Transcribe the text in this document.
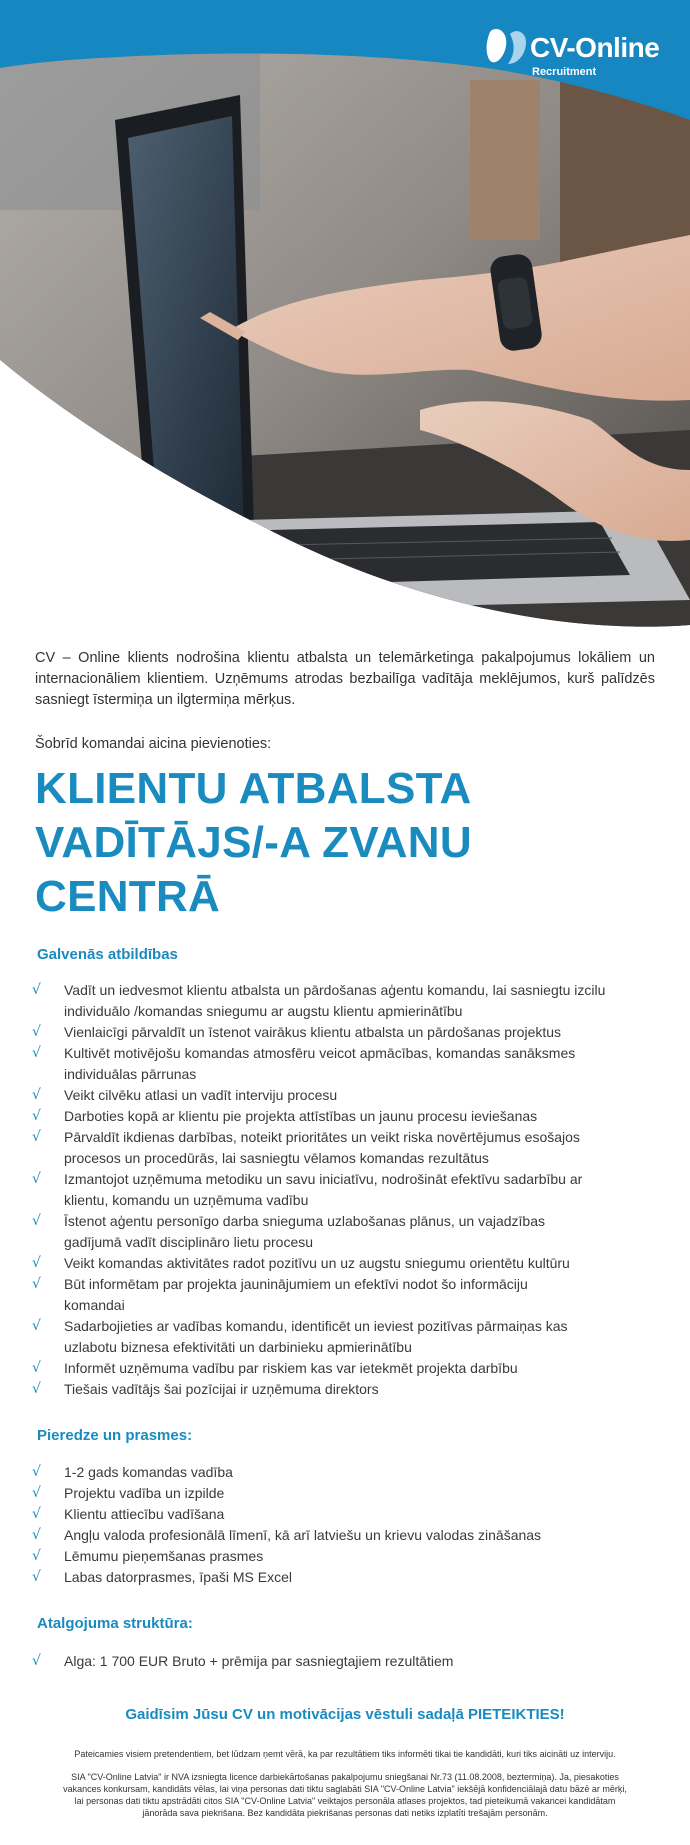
CV-Online
Recruitment

CV – Online klients nodrošina klientu atbalsta un telemārketinga pakalpojumus lokāliem un internacionāliem klientiem. Uzņēmums atrodas bezbailīga vadītāja meklējumos, kurš palīdzēs sasniegt īstermiņa un ilgtermiņa mērķus.

Šobrīd komandai aicina pievienoties:

KLIENTU ATBALSTA
VADĪTĀJS/-A ZVANU
CENTRĀ
Galvenās atbildības
√ Vadīt un iedvesmot klientu atbalsta un pārdošanas aģentu komandu, lai sasniegtu izcilu
individuālo /komandas sniegumu ar augstu klientu apmierinātību
√ Vienlaicīgi pārvaldīt un īstenot vairākus klientu atbalsta un pārdošanas projektus
√ Kultivēt motivējošu komandas atmosfēru veicot apmācības, komandas sanāksmes
individuālas pārrunas
√ Veikt cilvēku atlasi un vadīt interviju procesu
√ Darboties kopā ar klientu pie projekta attīstības un jaunu procesu ieviešanas
√ Pārvaldīt ikdienas darbības, noteikt prioritātes un veikt riska novērtējumus esošajos
procesos un procedūrās, lai sasniegtu vēlamos komandas rezultātus
√ Izmantojot uzņēmuma metodiku un savu iniciatīvu, nodrošināt efektīvu sadarbību ar
klientu, komandu un uzņēmuma vadību
√ Īstenot aģentu personīgo darba snieguma uzlabošanas plānus, un vajadzības
gadījumā vadīt disciplināro lietu procesu
√ Veikt komandas aktivitātes radot pozitīvu un uz augstu sniegumu orientētu kultūru
√ Būt informētam par projekta jauninājumiem un efektīvi nodot šo informāciju
komandai
√ Sadarbojieties ar vadības komandu, identificēt un ieviest pozitīvas pārmaiņas kas
uzlabotu biznesa efektivitāti un darbinieku apmierinātību
√ Informēt uzņēmuma vadību par riskiem kas var ietekmēt projekta darbību
√ Tiešais vadītājs šai pozīcijai ir uzņēmuma direktors
Pieredze un prasmes:
√ 1-2 gads komandas vadība
√ Projektu vadība un izpilde
√ Klientu attiecību vadīšana
√ Angļu valoda profesionālā līmenī, kā arī latviešu un krievu valodas zināšanas
√ Lēmumu pieņemšanas prasmes
√ Labas datorprasmes, īpaši MS Excel
Atalgojuma struktūra:
√ Alga: 1 700 EUR Bruto + prēmija par sasniegtajiem rezultātiem

Gaidīsim Jūsu CV un motivācijas vēstuli sadaļā PIETEIKTIES!

Pateicamies visiem pretendentiem, bet lūdzam ņemt vērā, ka par rezultātiem tiks informēti tikai tie kandidāti, kuri tiks aicināti uz interviju.

SIA "CV-Online Latvia" ir NVA izsniegta licence darbiekārtošanas pakalpojumu sniegšanai Nr.73 (11.08.2008, beztermiņa). Ja, piesakoties
vakances konkursam, kandidāts vēlas, lai viņa personas dati tiktu saglabāti SIA "CV-Online Latvia" iekšējā konfidenciālajā datu bāzē ar mērķi,
lai personas dati tiktu apstrādāti citos SIA "CV-Online Latvia" veiktajos personāla atlases projektos, tad pieteikumā vakancei kandidātam
jānorāda sava piekrišana. Bez kandidāta piekrišanas personas dati netiks izplatīti trešajām personām.
